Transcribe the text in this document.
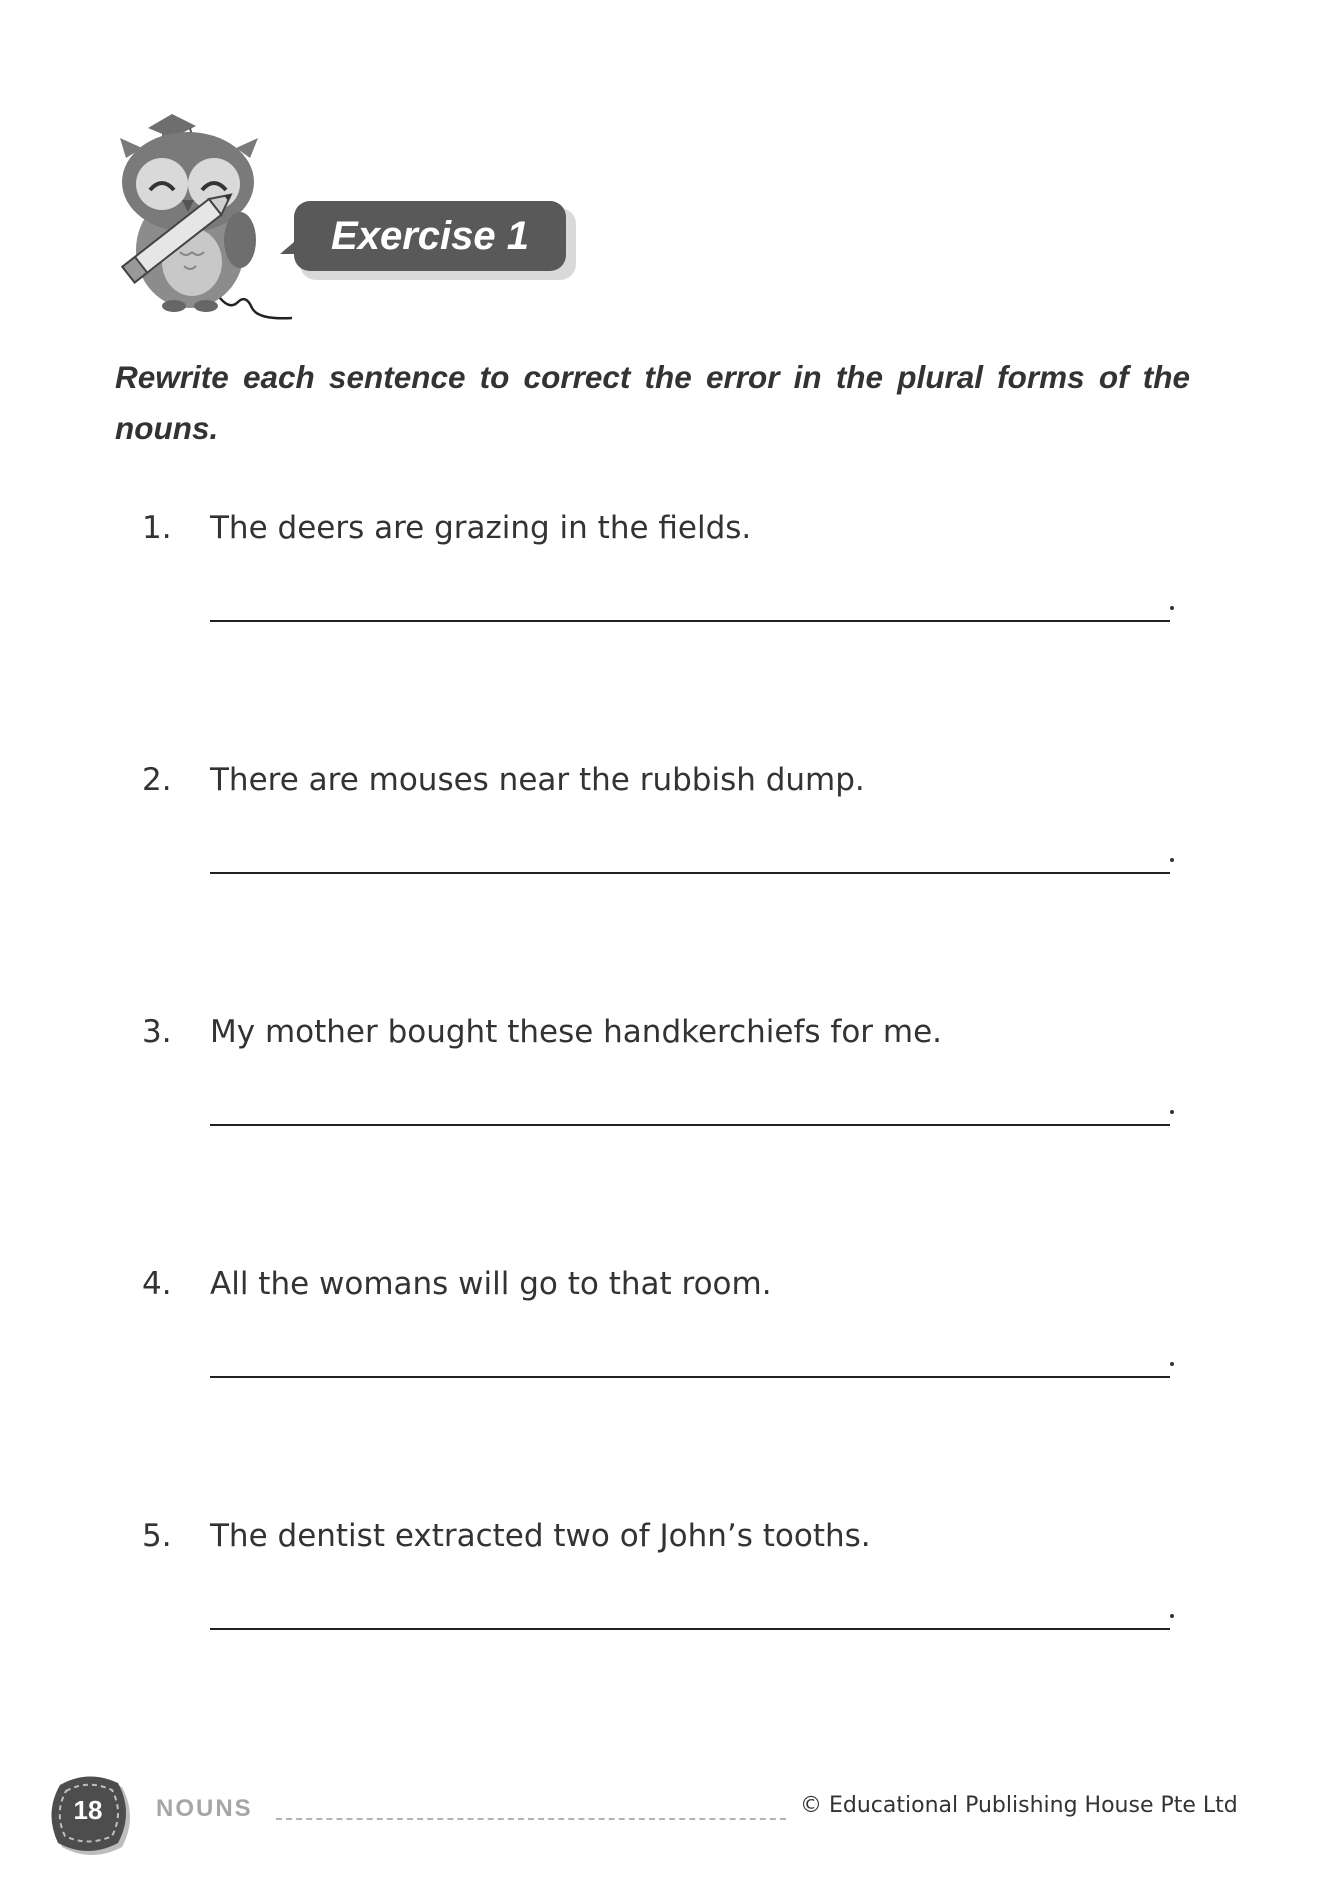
Exercise 1
Rewrite each sentence to correct the error in the plural forms of the nouns.
1. The deers are grazing in the fields.
2. There are mouses near the rubbish dump.
3. My mother bought these handkerchiefs for me.
4. All the womans will go to that room.
5. The dentist extracted two of John’s tooths.
18	NOUNS	© Educational Publishing House Pte Ltd
